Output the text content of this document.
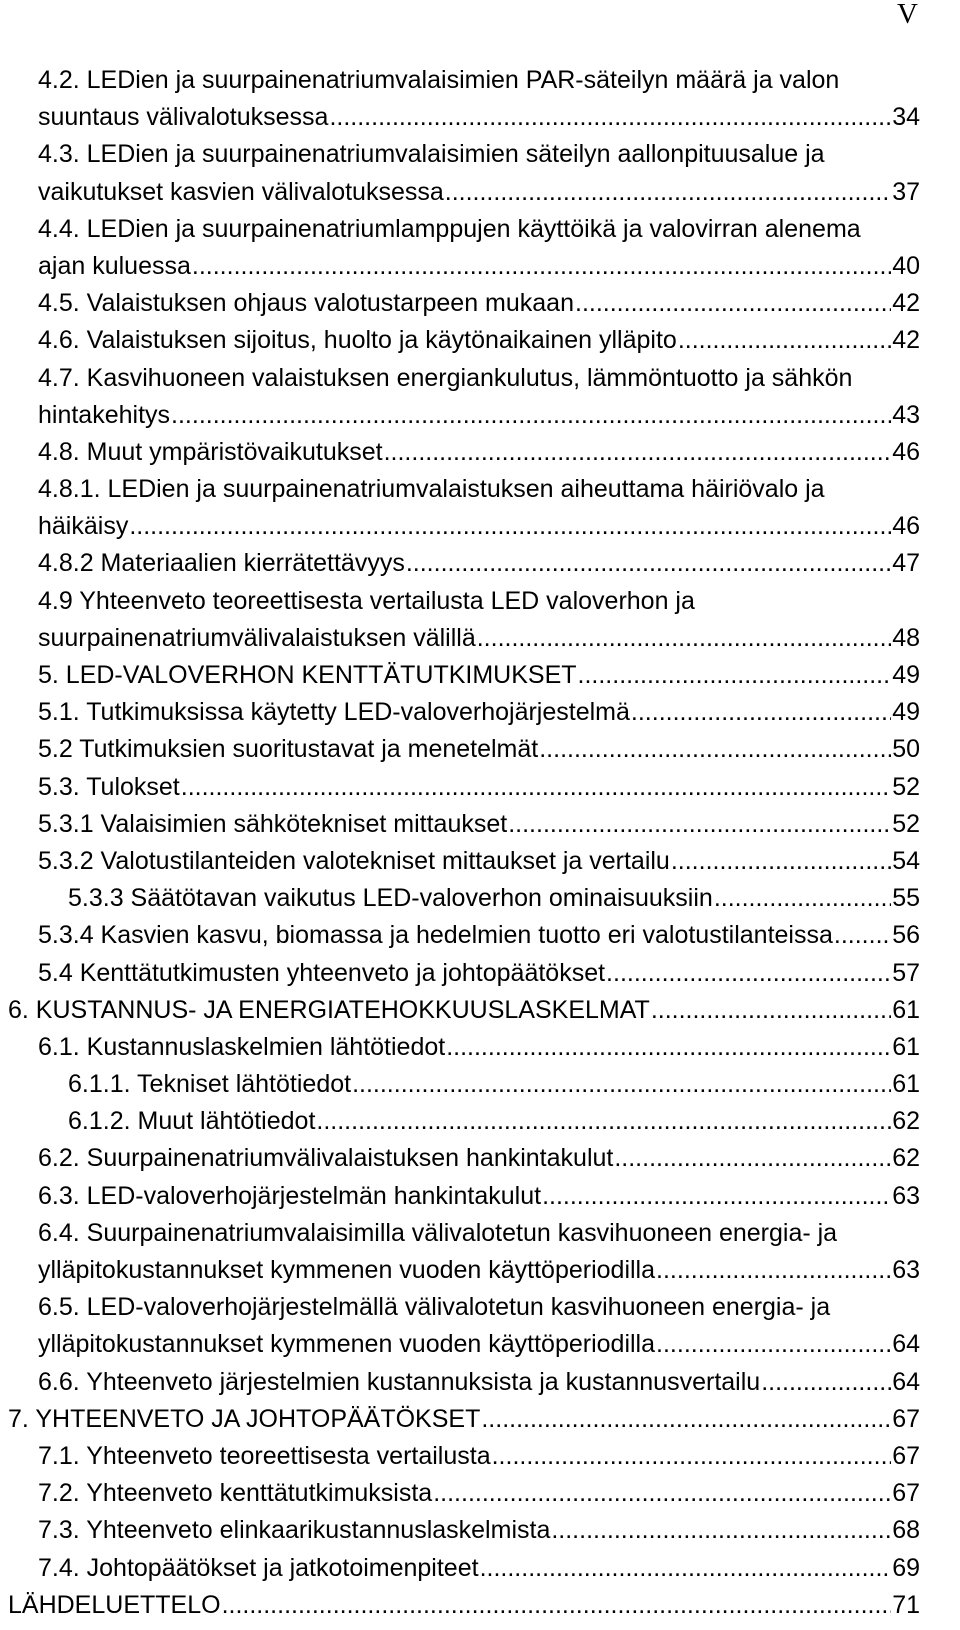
V
4.2. LEDien ja suurpainenatriumvalaisimien PAR-säteilyn määrä ja valon
suuntaus välivalotuksessa .....	34
4.3. LEDien ja suurpainenatriumvalaisimien säteilyn aallonpituusalue ja
vaikutukset kasvien välivalotuksessa .....	37
4.4. LEDien ja suurpainenatriumlamppujen käyttöikä ja valovirran alenema
ajan kuluessa .....	40
4.5. Valaistuksen ohjaus valotustarpeen mukaan .....	42
4.6. Valaistuksen sijoitus, huolto ja käytönaikainen ylläpito .....	42
4.7. Kasvihuoneen valaistuksen energiankulutus, lämmöntuotto ja sähkön
hintakehitys .....	43
4.8. Muut ympäristövaikutukset .....	46
4.8.1. LEDien ja suurpainenatriumvalaistuksen aiheuttama häiriövalo ja
häikäisy .....	46
4.8.2 Materiaalien kierrätettävyys .....	47
4.9 Yhteenveto teoreettisesta vertailusta LED valoverhon ja
suurpainenatriumvälivalaistuksen välillä .....	48
5. LED-VALOVERHON KENTTÄTUTKIMUKSET .....	49
5.1. Tutkimuksissa käytetty LED-valoverhojärjestelmä .....	49
5.2 Tutkimuksien suoritustavat ja menetelmät .....	50
5.3. Tulokset .....	52
5.3.1 Valaisimien sähkötekniset mittaukset .....	52
5.3.2 Valotustilanteiden valotekniset mittaukset ja vertailu .....	54
5.3.3 Säätötavan vaikutus LED-valoverhon ominaisuuksiin .....	55
5.3.4 Kasvien kasvu, biomassa ja hedelmien tuotto eri valotustilanteissa ..... 56
5.4 Kenttätutkimusten yhteenveto ja johtopäätökset .....	57
6. KUSTANNUS- JA ENERGIATEHOKKUUSLASKELMAT .....	61
6.1. Kustannuslaskelmien lähtötiedot .....	61
6.1.1. Tekniset lähtötiedot .....	61
6.1.2. Muut lähtötiedot .....	62
6.2. Suurpainenatriumvälivalaistuksen hankintakulut .....	62
6.3. LED-valoverhojärjestelmän hankintakulut .....	63
6.4. Suurpainenatriumvalaisimilla välivalotetun kasvihuoneen energia- ja
ylläpitokustannukset kymmenen vuoden käyttöperiodilla .....	63
6.5. LED-valoverhojärjestelmällä välivalotetun kasvihuoneen energia- ja
ylläpitokustannukset kymmenen vuoden käyttöperiodilla .....	64
6.6. Yhteenveto järjestelmien kustannuksista ja kustannusvertailu .....	64
7. YHTEENVETO JA JOHTOPÄÄTÖKSET .....	67
7.1. Yhteenveto teoreettisesta vertailusta .....	67
7.2. Yhteenveto kenttätutkimuksista .....	67
7.3. Yhteenveto elinkaarikustannuslaskelmista .....	68
7.4. Johtopäätökset ja jatkotoimenpiteet .....	69
LÄHDELUETTELO .....	71
